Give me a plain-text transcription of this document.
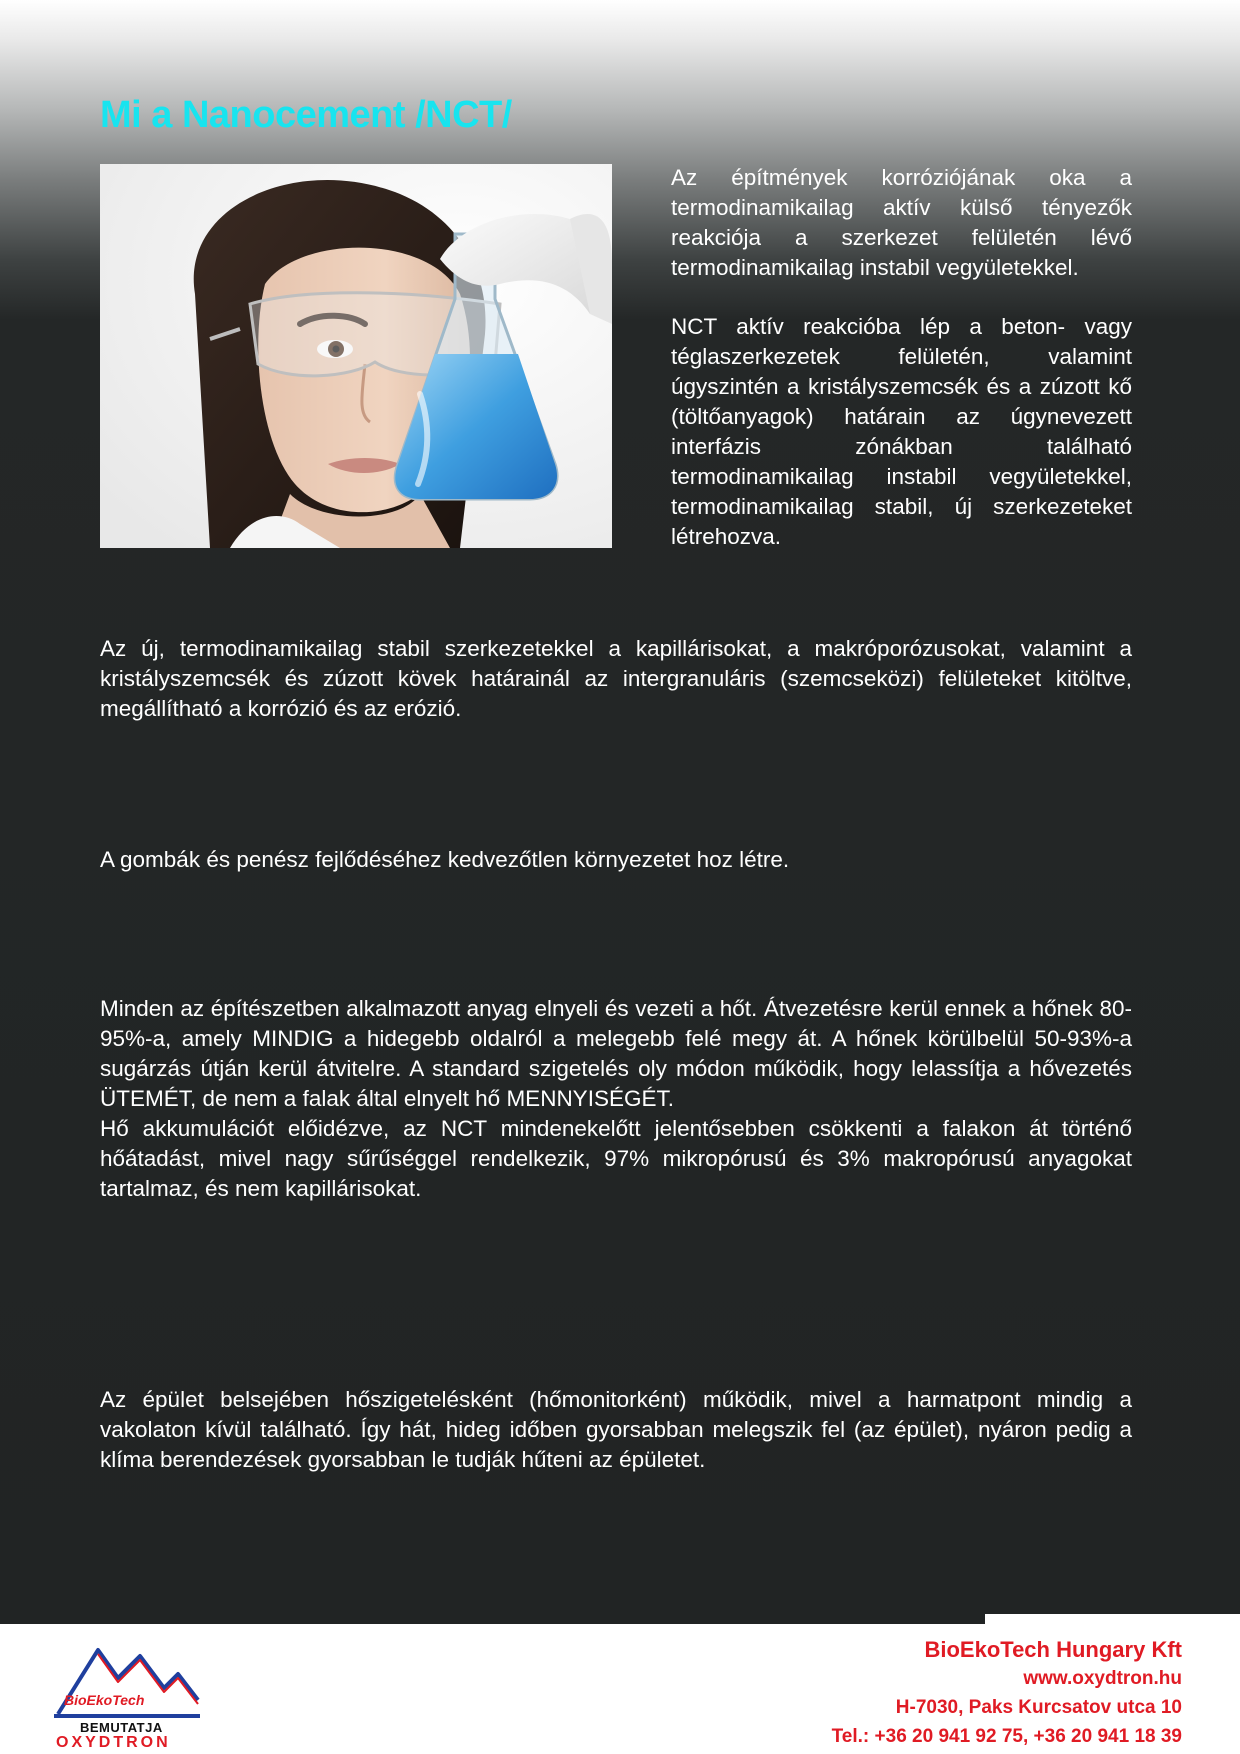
Mi a Nanocement /NCT/

Az építmények korróziójának oka a termodinamikailag aktív külső tényezők reakciója a szerkezet felületén lévő termodinamikailag instabil vegyületekkel.

NCT aktív reakcióba lép a beton- vagy téglaszerkezetek felületén, valamint úgyszintén a kristályszemcsék és a zúzott kő (töltőanyagok) határain az úgynevezett interfázis zónákban található termodinamikailag instabil vegyületekkel, termodinamikailag stabil, új szerkezeteket létrehozva.

Az új, termodinamikailag stabil szerkezetekkel a kapillárisokat, a makróporózusokat, valamint a kristályszemcsék és zúzott kövek határainál az intergranuláris (szemcseközi) felületeket kitöltve, megállítható a korrózió és az erózió.

A gombák és penész fejlődéséhez kedvezőtlen környezetet hoz létre.

Minden az építészetben alkalmazott anyag elnyeli és vezeti a hőt. Átvezetésre kerül ennek a hőnek 80-95%-a, amely MINDIG a hidegebb oldalról a melegebb felé megy át. A hőnek körülbelül 50-93%-a sugárzás útján kerül átvitelre. A standard szigetelés oly módon működik, hogy lelassítja a hővezetés ÜTEMÉT, de nem a falak által elnyelt hő MENNYISÉGÉT.

Hő akkumulációt előidézve, az NCT mindenekelőtt jelentősebben csökkenti a falakon át történő hőátadást, mivel nagy sűrűséggel rendelkezik, 97% mikropórusú és 3% makropórusú anyagokat tartalmaz, és nem kapillárisokat.

Az épület belsejében hőszigetelésként (hőmonitorként) működik, mivel a harmatpont mindig a vakolaton kívül található. Így hát, hideg időben gyorsabban melegszik fel (az épület), nyáron pedig a klíma berendezések gyorsabban le tudják hűteni az épületet.

BioEkoTech
BEMUTATJA
OXYDTRON
BioEkoTech Hungary Kft
www.oxydtron.hu
H-7030, Paks Kurcsatov utca 10
Tel.: +36 20 941 92 75, +36 20 941 18 39
